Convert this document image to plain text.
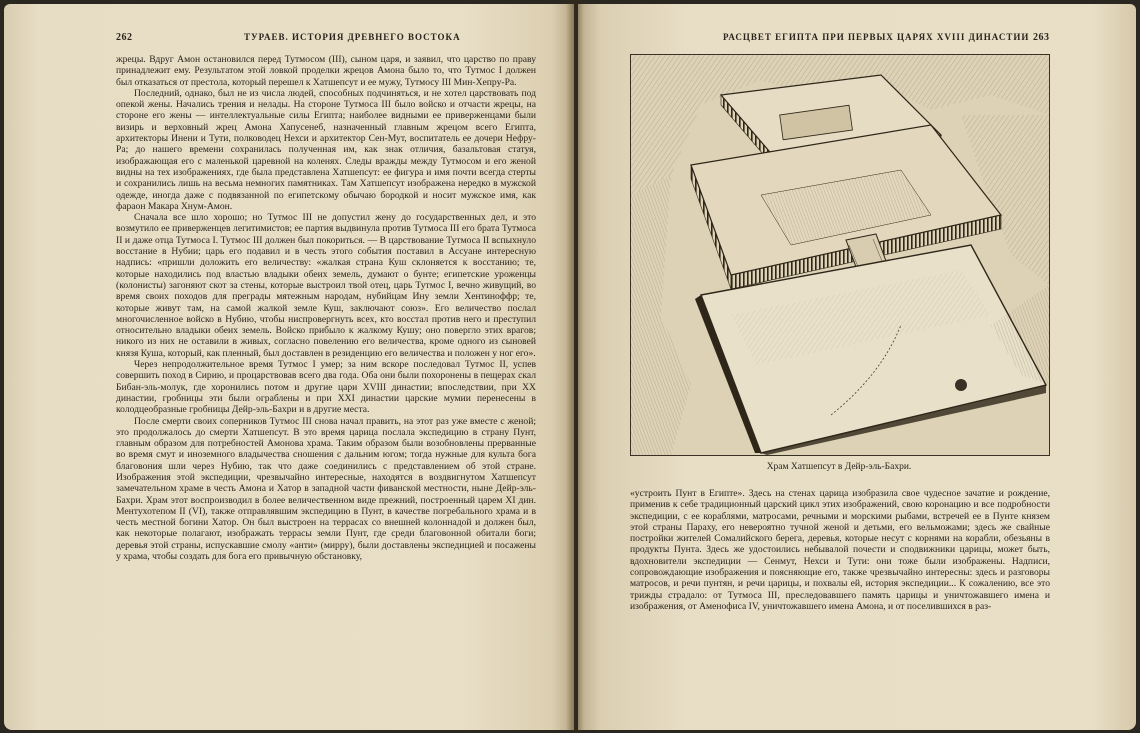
262	ТУРАЕВ. ИСТОРИЯ ДРЕВНЕГО ВОСТОКА

жрецы. Вдруг Амон остановился перед Тутмосом (III), сыном царя, и заявил, что царство по праву принадлежит ему. Результатом этой ловкой проделки жрецов Амона было то, что Тутмос I должен был отказаться от престола, который перешел к Хатшепсут и ее мужу, Тутмосу III Мин-Хепру-Ра.

Последний, однако, был не из числа людей, способных подчиняться, и не хотел царствовать под опекой жены. Начались трения и нелады. На стороне Тутмоса III было войско и отчасти жрецы, на стороне его жены — интеллектуальные силы Египта; наиболее видными ее приверженцами были визирь и верховный жрец Амона Хапусенеб, назначенный главным жрецом всего Египта, архитекторы Инени и Тути, полководец Нехси и архитектор Сен-Мут, воспитатель ее дочери Нефру-Ра; до нашего времени сохранилась полученная им, как знак отличия, базальтовая статуя, изображающая его с маленькой царевной на коленях. Следы вражды между Тутмосом и его женой видны на тех изображениях, где была представлена Хатшепсут: ее фигура и имя почти всегда стерты и сохранились лишь на весьма немногих памятниках. Там Хатшепсут изображена нередко в мужской одежде, иногда даже с подвязанной по египетскому обычаю бородкой и носит мужское имя, как фараон Макара Хнум-Амон.

Сначала все шло хорошо; но Тутмос III не допустил жену до государственных дел, и это возмутило ее приверженцев легитимистов; ее партия выдвинула против Тутмоса III его брата Тутмоса II и даже отца Тутмоса I. Тутмос III должен был покориться. — В царствование Тутмоса II вспыхнуло восстание в Нубии; царь его подавил и в честь этого события поставил в Ассуане интересную надпись: «пришли доложить его величеству: «жалкая страна Куш склоняется к восстанию; те, которые находились под властью владыки обеих земель, думают о бунте; египетские уроженцы (колонисты) загоняют скот за стены, которые выстроил твой отец, царь Тутмос I, вечно живущий, во время своих походов для преграды мятежным народам, нубийцам Ину земли Хентиноффр; те, которые живут там, на самой жалкой земле Куш, заключают союз». Его величество послал многочисленное войско в Нубию, чтобы ниспровергнуть всех, кто восстал против него и преступил относительно владыки обеих земель. Войско прибыло к жалкому Кушу; оно повергло этих врагов; никого из них не оставили в живых, согласно повелению его величества, кроме одного из сыновей князя Куша, который, как пленный, был доставлен в резиденцию его величества и положен у ног его».

Через непродолжительное время Тутмос I умер; за ним вскоре последовал Тутмос II, успев совершить поход в Сирию, и процарствовав всего два года. Оба они были похоронены в пещерах скал Бибан-эль-молук, где хоронились потом и другие цари XVIII династии; впоследствии, при XX династии, гробницы эти были ограблены и при XXI династии царские мумии перенесены в колодцеобразные гробницы Дейр-эль-Бахри и в другие места.

После смерти своих соперников Тутмос III снова начал править, на этот раз уже вместе с женой; это продолжалось до смерти Хатшепсут. В это время царица послала экспедицию в страну Пунт, главным образом для потребностей Амонова храма. Таким образом были возобновлены прерванные во время смут и иноземного владычества сношения с дальним югом; тогда нужные для культа бога благовония шли через Нубию, так что даже соединились с представлением об этой стране. Изображения этой экспедиции, чрезвычайно интересные, находятся в воздвигнутом Хатшепсут замечательном храме в честь Амона и Хатор в западной части фиванской местности, ныне Дейр-эль-Бахри. Храм этот воспроизводил в более величественном виде прежний, построенный царем XI дин. Ментухотепом II (VI), также отправлявшим экспедицию в Пунт, в качестве погребального храма и в честь местной богини Хатор. Он был выстроен на террасах со внешней колоннадой и должен был, как некоторые полагают, изображать террасы земли Пунт, где среди благовонной обитали боги; деревья этой страны, испускавшие смолу «анти» (мирру), были доставлены экспедицией и посажены у храма, чтобы создать для бога его привычную обстановку,

РАСЦВЕТ ЕГИПТА ПРИ ПЕРВЫХ ЦАРЯХ XVIII ДИНАСТИИ 263
Храм Хатшепсут в Дейр-эль-Бахри.

«устроить Пунт в Египте». Здесь на стенах царица изобразила свое чудесное зачатие и рождение, применив к себе традиционный царский цикл этих изображений, свою коронацию и все подробности экспедиции, с ее кораблями, матросами, речными и морскими рыбами, встречей ее в Пунте князем этой страны Параху, его невероятно тучной женой и детьми, его вельможами; здесь же свайные постройки жителей Сомалийского берега, деревья, которые несут с корнями на корабли, обезьяны в продукты Пунта. Здесь же удостоились небывалой почести и сподвижники царицы, может быть, вдохновители экспедиции — Сенмут, Нехси и Тути: они тоже были изображены. Надписи, сопровождающие изображения и поясняющие его, также чрезвычайно интересны: здесь и разговоры матросов, и речи пунтян, и речи царицы, и похвалы ей, история экспедиции... К сожалению, все это трижды страдало: от Тутмоса III, преследовавшего память царицы и уничтожавшего имена и изображения, от Аменофиса IV, уничтожавшего имена Амона, и от поселившихся в раз-
